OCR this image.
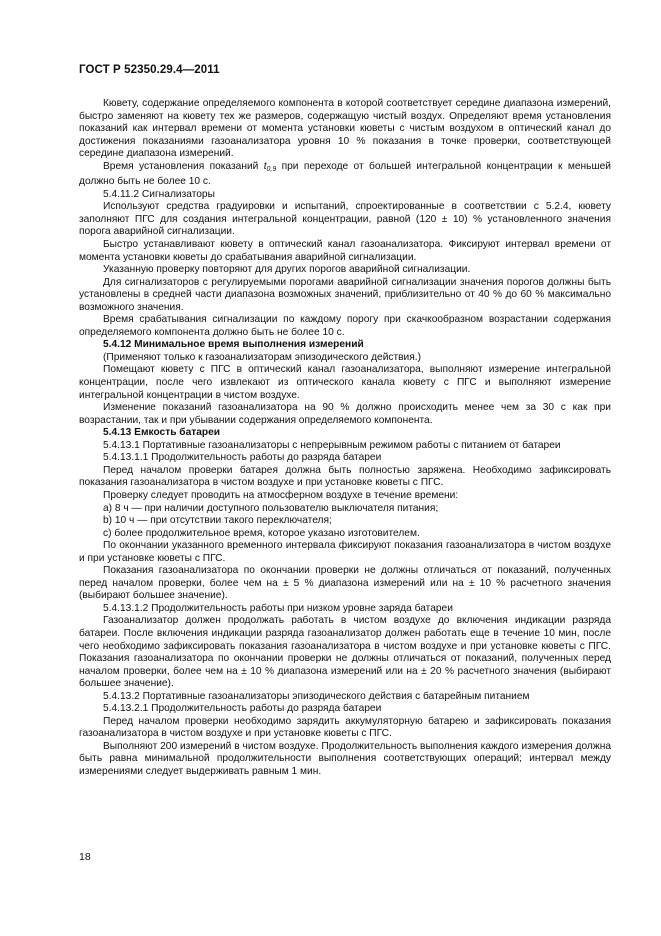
ГОСТ Р 52350.29.4—2011

Кювету, содержание определяемого компонента в которой соответствует середине диапазона измерений, быстро заменяют на кювету тех же размеров, содержащую чистый воздух. Определяют время установления показаний как интервал времени от момента установки кюветы с чистым воздухом в оптический канал до достижения показаниями газоанализатора уровня 10 % показания в точке проверки, соответствующей середине диапазона измерений.

Время установления показаний $t_{0,9}$ при переходе от большей интегральной концентрации к меньшей должно быть не более 10 с.

5.4.11.2 Сигнализаторы

Используют средства градуировки и испытаний, спроектированные в соответствии с 5.2.4, кювету заполняют ПГС для создания интегральной концентрации, равной (120 ± 10) % установленного значения порога аварийной сигнализации.

Быстро устанавливают кювету в оптический канал газоанализатора. Фиксируют интервал времени от момента установки кюветы до срабатывания аварийной сигнализации.

Указанную проверку повторяют для других порогов аварийной сигнализации.

Для сигнализаторов с регулируемыми порогами аварийной сигнализации значения порогов должны быть установлены в средней части диапазона возможных значений, приблизительно от 40 % до 60 % максимально возможного значения.

Время срабатывания сигнализации по каждому порогу при скачкообразном возрастании содержания определяемого компонента должно быть не более 10 с.

5.4.12 Минимальное время выполнения измерений

(Применяют только к газоанализаторам эпизодического действия.)

Помещают кювету с ПГС в оптический канал газоанализатора, выполняют измерение интегральной концентрации, после чего извлекают из оптического канала кювету с ПГС и выполняют измерение интегральной концентрации в чистом воздухе.

Изменение показаний газоанализатора на 90 % должно происходить менее чем за 30 с как при возрастании, так и при убывании содержания определяемого компонента.

5.4.13 Емкость батареи

5.4.13.1 Портативные газоанализаторы с непрерывным режимом работы с питанием от батареи

5.4.13.1.1 Продолжительность работы до разряда батареи

Перед началом проверки батарея должна быть полностью заряжена. Необходимо зафиксировать показания газоанализатора в чистом воздухе и при установке кюветы с ПГС.

Проверку следует проводить на атмосферном воздухе в течение времени:

a) 8 ч — при наличии доступного пользователю выключателя питания;

b) 10 ч — при отсутствии такого переключателя;

c) более продолжительное время, которое указано изготовителем.

По окончании указанного временного интервала фиксируют показания газоанализатора в чистом воздухе и при установке кюветы с ПГС.

Показания газоанализатора по окончании проверки не должны отличаться от показаний, полученных перед началом проверки, более чем на ± 5 % диапазона измерений или на ± 10 % расчетного значения (выбирают большее значение).

5.4.13.1.2 Продолжительность работы при низком уровне заряда батареи

Газоанализатор должен продолжать работать в чистом воздухе до включения индикации разряда батареи. После включения индикации разряда газоанализатор должен работать еще в течение 10 мин, после чего необходимо зафиксировать показания газоанализатора в чистом воздухе и при установке кюветы с ПГС. Показания газоанализатора по окончании проверки не должны отличаться от показаний, полученных перед началом проверки, более чем на ± 10 % диапазона измерений или на ± 20 % расчетного значения (выбирают большее значение).

5.4.13.2 Портативные газоанализаторы эпизодического действия с батарейным питанием

5.4.13.2.1 Продолжительность работы до разряда батареи

Перед началом проверки необходимо зарядить аккумуляторную батарею и зафиксировать показания газоанализатора в чистом воздухе и при установке кюветы с ПГС.

Выполняют 200 измерений в чистом воздухе. Продолжительность выполнения каждого измерения должна быть равна минимальной продолжительности выполнения соответствующих операций; интервал между измерениями следует выдерживать равным 1 мин.

18
